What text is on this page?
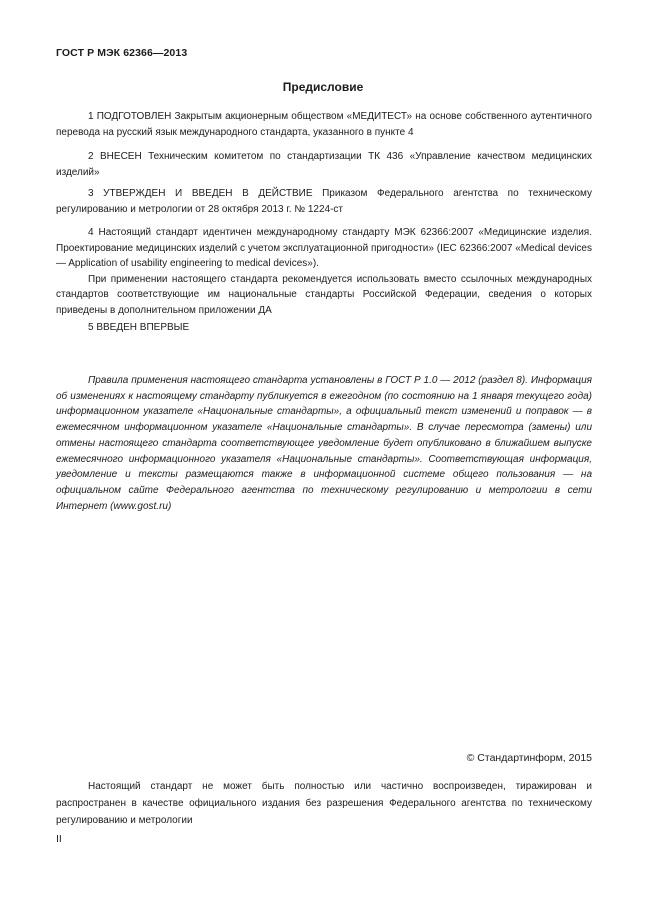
ГОСТ Р МЭК 62366—2013
Предисловие

1 ПОДГОТОВЛЕН Закрытым акционерным обществом «МЕДИТЕСТ» на основе собственного аутентичного перевода на русский язык международного стандарта, указанного в пункте 4

2 ВНЕСЕН Техническим комитетом по стандартизации ТК 436 «Управление качеством медицинских изделий»

3 УТВЕРЖДЕН И ВВЕДЕН В ДЕЙСТВИЕ Приказом Федерального агентства по техническому регулированию и метрологии от 28 октября 2013 г. № 1224-ст

4 Настоящий стандарт идентичен международному стандарту МЭК 62366:2007 «Медицинские изделия. Проектирование медицинских изделий с учетом эксплуатационной пригодности» (IEC 62366:2007 «Medical devices — Application of usability engineering to medical devices»).

При применении настоящего стандарта рекомендуется использовать вместо ссылочных международных стандартов соответствующие им национальные стандарты Российской Федерации, сведения о которых приведены в дополнительном приложении ДА

5 ВВЕДЕН ВПЕРВЫЕ

Правила применения настоящего стандарта установлены в ГОСТ Р 1.0 — 2012 (раздел 8). Информация об изменениях к настоящему стандарту публикуется в ежегодном (по состоянию на 1 января текущего года) информационном указателе «Национальные стандарты», а официальный текст изменений и поправок — в ежемесячном информационном указателе «Национальные стандарты». В случае пересмотра (замены) или отмены настоящего стандарта соответствующее уведомление будет опубликовано в ближайшем выпуске ежемесячного информационного указателя «Национальные стандарты». Соответствующая информация, уведомление и тексты размещаются также в информационной системе общего пользования — на официальном сайте Федерального агентства по техническому регулированию и метрологии в сети Интернет (www.gost.ru)

© Стандартинформ, 2015

Настоящий стандарт не может быть полностью или частично воспроизведен, тиражирован и распространен в качестве официального издания без разрешения Федерального агентства по техническому регулированию и метрологии

II
